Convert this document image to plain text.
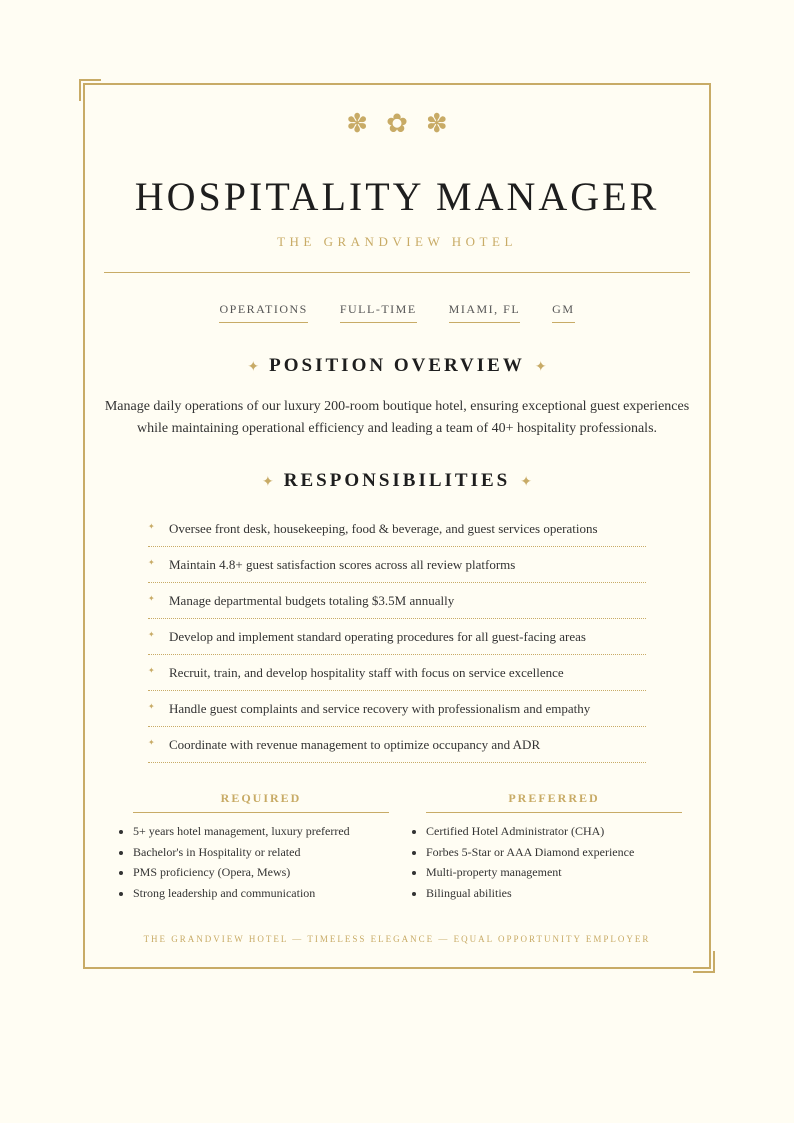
✽✿✽
HOSPITALITY MANAGER
THE GRANDVIEW HOTEL
OPERATIONS	FULL-TIME	MIAMI, FL	GM
✦ POSITION OVERVIEW ✦

Manage daily operations of our luxury 200-room boutique hotel, ensuring exceptional guest experiences while maintaining operational efficiency and leading a team of 40+ hospitality professionals.

✦ RESPONSIBILITIES ✦
✦ Oversee front desk, housekeeping, food & beverage, and guest services operations
✦ Maintain 4.8+ guest satisfaction scores across all review platforms
✦ Manage departmental budgets totaling $3.5M annually
✦ Develop and implement standard operating procedures for all guest-facing areas
✦ Recruit, train, and develop hospitality staff with focus on service excellence
✦ Handle guest complaints and service recovery with professionalism and empathy
✦ Coordinate with revenue management to optimize occupancy and ADR
REQUIRED
• 5+ years hotel management, luxury preferred
• Bachelor's in Hospitality or related
• PMS proficiency (Opera, Mews)
• Strong leadership and communication
PREFERRED
• Certified Hotel Administrator (CHA)
• Forbes 5-Star or AAA Diamond experience
• Multi-property management
• Bilingual abilities
THE GRANDVIEW HOTEL — TIMELESS ELEGANCE — EQUAL OPPORTUNITY EMPLOYER
